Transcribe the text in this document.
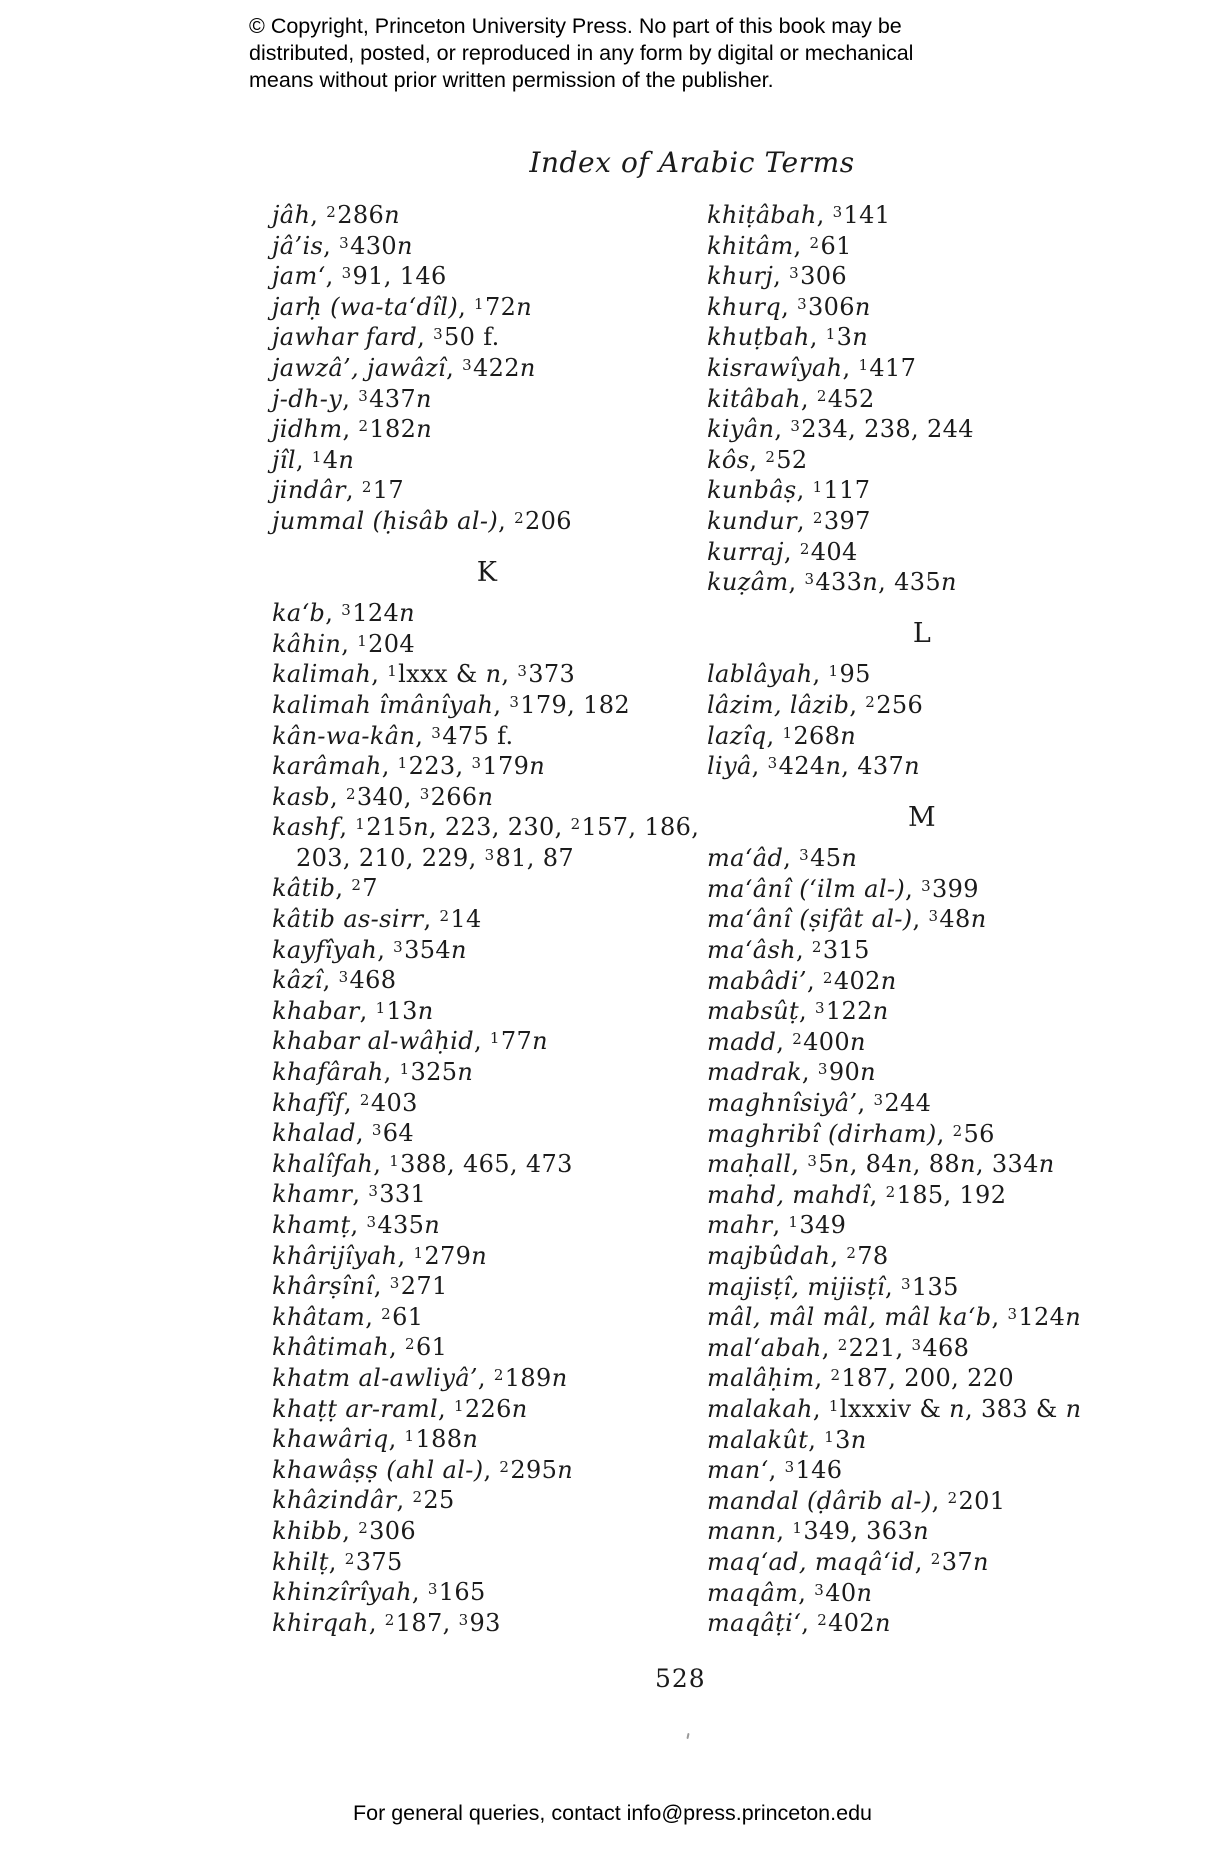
© Copyright, Princeton University Press. No part of this book may be
distributed, posted, or reproduced in any form by digital or mechanical
means without prior written permission of the publisher.
Index of Arabic Terms
jâh, $^2$286n
jâ’is, $^3$430n
jam‘, $^3$91, 146
jarḥ (wa-ta‘dîl), $^1$72n
jawhar fard, $^3$50 f.
jawzâ’, jawâzî, $^3$422n
j-dh-y, $^3$437n
jidhm, $^2$182n
jîl, $^1$4n
jindâr, $^2$17
jummal (ḥisâb al-), $^2$206
K
ka‘b, $^3$124n
kâhin, $^1$204
kalimah, $^1$lxxx & n, $^3$373
kalimah îmânîyah, $^3$179, 182
kân-wa-kân, $^3$475 f.
karâmah, $^1$223, $^3$179n
kasb, $^2$340, $^3$266n
kashf, $^1$215n, 223, 230, $^2$157, 186,
203, 210, 229, $^3$81, 87
kâtib, $^2$7
kâtib as-sirr, $^2$14
kayfîyah, $^3$354n
kâzî, $^3$468
khabar, $^1$13n
khabar al-wâḥid, $^1$77n
khafârah, $^1$325n
khafîf, $^2$403
khalad, $^3$64
khalîfah, $^1$388, 465, 473
khamr, $^3$331
khamṭ, $^3$435n
khârijîyah, $^1$279n
khârṣînî, $^3$271
khâtam, $^2$61
khâtimah, $^2$61
khatm al-awliyâ’, $^2$189n
khaṭṭ ar-raml, $^1$226n
khawâriq, $^1$188n
khawâṣṣ (ahl al-), $^2$295n
khâzindâr, $^2$25
khibb, $^2$306
khilṭ, $^2$375
khinzîrîyah, $^3$165
khirqah, $^2$187, $^3$93
khiṭâbah, $^3$141
khitâm, $^2$61
khurj, $^3$306
khurq, $^3$306n
khuṭbah, $^1$3n
kisrawîyah, $^1$417
kitâbah, $^2$452
kiyân, $^3$234, 238, 244
kôs, $^2$52
kunbâṣ, $^1$117
kundur, $^2$397
kurraj, $^2$404
kuẓâm, $^3$433n, 435n
L
lablâyah, $^1$95
lâzim, lâzib, $^2$256
lazîq, $^1$268n
liyâ, $^3$424n, 437n
M
ma‘âd, $^3$45n
ma‘ânî (‘ilm al-), $^3$399
ma‘ânî (ṣifât al-), $^3$48n
ma‘âsh, $^2$315
mabâdi’, $^2$402n
mabsûṭ, $^3$122n
madd, $^2$400n
madrak, $^3$90n
maghnîsiyâ’, $^3$244
maghribî (dirham), $^2$56
maḥall, $^3$5n, 84n, 88n, 334n
mahd, mahdî, $^2$185, 192
mahr, $^1$349
majbûdah, $^2$78
majisṭî, mijisṭî, $^3$135
mâl, mâl mâl, mâl ka‘b, $^3$124n
mal‘abah, $^2$221, $^3$468
malâḥim, $^2$187, 200, 220
malakah, $^1$lxxxiv & n, 383 & n
malakût, $^1$3n
man‘, $^3$146
mandal (ḍârib al-), $^2$201
mann, $^1$349, 363n
maq‘ad, maqâ‘id, $^2$37n
maqâm, $^3$40n
maqâṭi‘, $^2$402n
528
For general queries, contact info@press.princeton.edu
